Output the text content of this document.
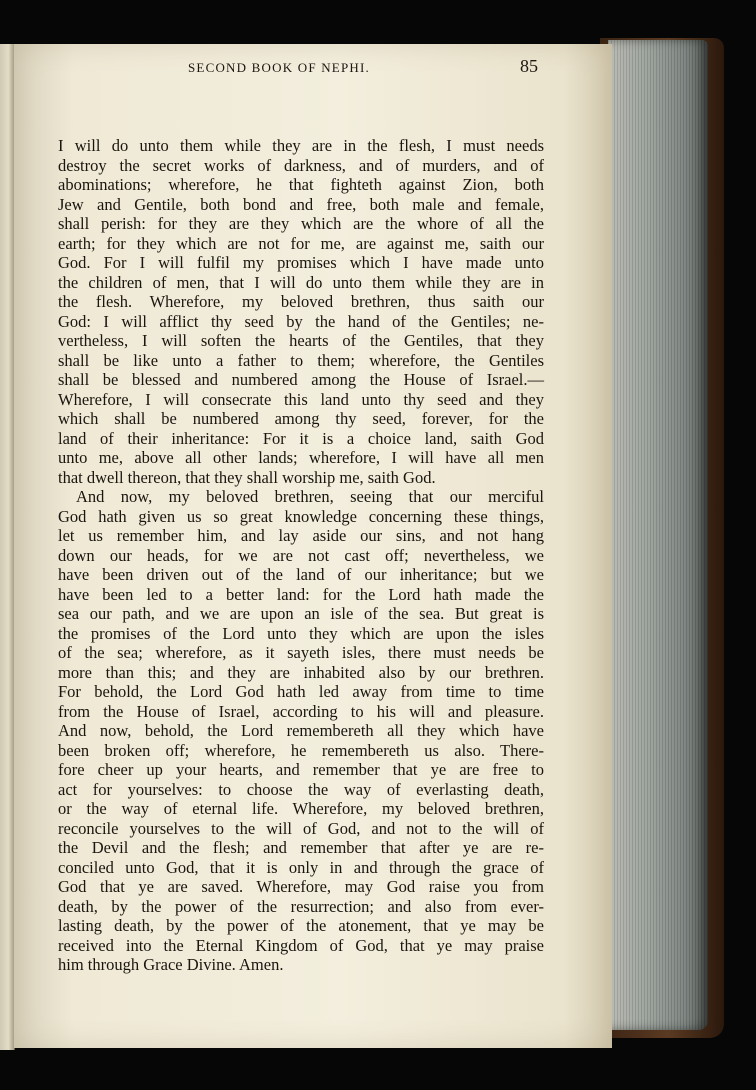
SECOND BOOK OF NEPHI.	85
I will do unto them while they are in the flesh, I must needs
destroy the secret works of darkness, and of murders, and of
abominations; wherefore, he that fighteth against Zion, both
Jew and Gentile, both bond and free, both male and female,
shall perish: for they are they which are the whore of all the
earth; for they which are not for me, are against me, saith our
God. For I will fulfil my promises which I have made unto
the children of men, that I will do unto them while they are in
the flesh. Wherefore, my beloved brethren, thus saith our
God: I will afflict thy seed by the hand of the Gentiles; ne-
vertheless, I will soften the hearts of the Gentiles, that they
shall be like unto a father to them; wherefore, the Gentiles
shall be blessed and numbered among the House of Israel.—
Wherefore, I will consecrate this land unto thy seed and they
which shall be numbered among thy seed, forever, for the
land of their inheritance: For it is a choice land, saith God
unto me, above all other lands; wherefore, I will have all men
that dwell thereon, that they shall worship me, saith God.
And now, my beloved brethren, seeing that our merciful
God hath given us so great knowledge concerning these things,
let us remember him, and lay aside our sins, and not hang
down our heads, for we are not cast off; nevertheless, we
have been driven out of the land of our inheritance; but we
have been led to a better land: for the Lord hath made the
sea our path, and we are upon an isle of the sea. But great is
the promises of the Lord unto they which are upon the isles
of the sea; wherefore, as it sayeth isles, there must needs be
more than this; and they are inhabited also by our brethren.
For behold, the Lord God hath led away from time to time
from the House of Israel, according to his will and pleasure.
And now, behold, the Lord remembereth all they which have
been broken off; wherefore, he remembereth us also. There-
fore cheer up your hearts, and remember that ye are free to
act for yourselves: to choose the way of everlasting death,
or the way of eternal life. Wherefore, my beloved brethren,
reconcile yourselves to the will of God, and not to the will of
the Devil and the flesh; and remember that after ye are re-
conciled unto God, that it is only in and through the grace of
God that ye are saved. Wherefore, may God raise you from
death, by the power of the resurrection; and also from ever-
lasting death, by the power of the atonement, that ye may be
received into the Eternal Kingdom of God, that ye may praise
him through Grace Divine. Amen.
